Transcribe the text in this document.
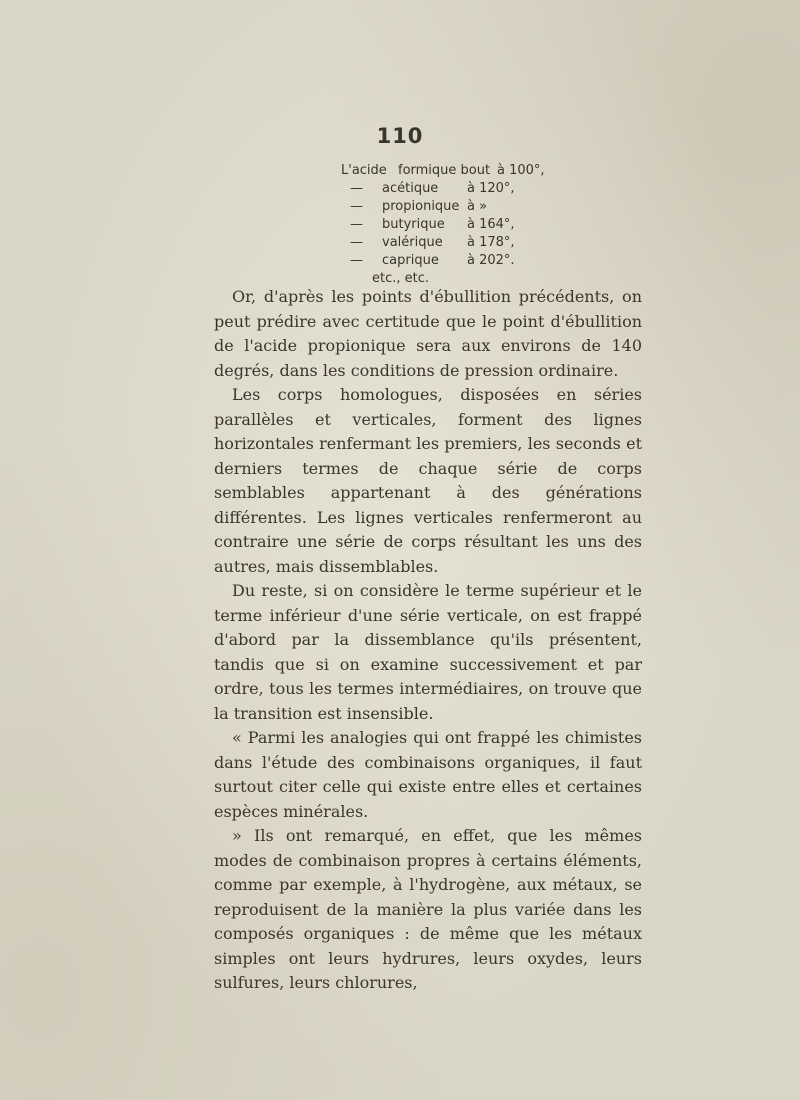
110
L'acide formique bout à 100°,
— acétique à 120°,
— propionique à »
— butyrique à 164°,
— valérique à 178°,
— caprique à 202°.
etc., etc.

Or, d'après les points d'ébullition précédents, on peut prédire avec certitude que le point d'ébullition de l'acide propionique sera aux environs de 140 degrés, dans les conditions de pression ordinaire.

Les corps homologues, disposées en séries parallèles et verticales, forment des lignes horizontales renfermant les premiers, les seconds et derniers termes de chaque série de corps semblables appartenant à des générations différentes. Les lignes verticales renfermeront au contraire une série de corps résultant les uns des autres, mais dissemblables.

Du reste, si on considère le terme supérieur et le terme inférieur d'une série verticale, on est frappé d'abord par la dissemblance qu'ils présentent, tandis que si on examine successivement et par ordre, tous les termes intermédiaires, on trouve que la transition est insensible.

« Parmi les analogies qui ont frappé les chimistes dans l'étude des combinaisons organiques, il faut surtout citer celle qui existe entre elles et certaines espèces minérales.

» Ils ont remarqué, en effet, que les mêmes modes de combinaison propres à certains éléments, comme par exemple, à l'hydrogène, aux métaux, se reproduisent de la manière la plus variée dans les composés organiques : de même que les métaux simples ont leurs hydrures, leurs oxydes, leurs sulfures, leurs chlorures,
